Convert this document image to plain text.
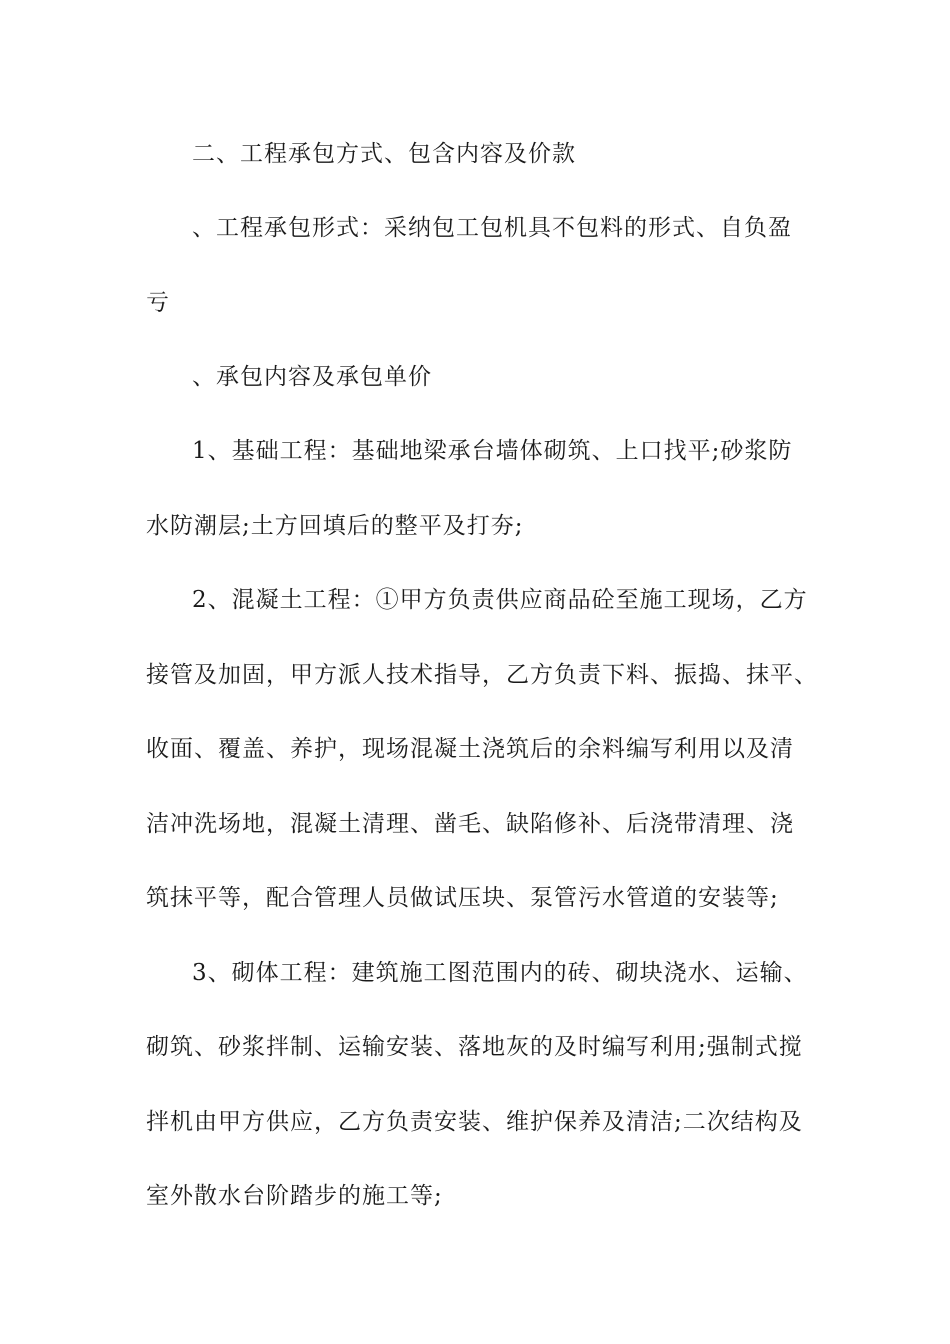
二、工程承包方式、包含内容及价款
、工程承包形式：采纳包工包机具不包料的形式、自负盈
亏
、承包内容及承包单价
1、基础工程：基础地梁承台墙体砌筑、上口找平;砂浆防
水防潮层;土方回填后的整平及打夯;
2、混凝土工程：①甲方负责供应商品砼至施工现场，乙方
接管及加固，甲方派人技术指导，乙方负责下料、振捣、抹平、
收面、覆盖、养护，现场混凝土浇筑后的余料编写利用以及清
洁冲洗场地，混凝土清理、凿毛、缺陷修补、后浇带清理、浇
筑抹平等，配合管理人员做试压块、泵管污水管道的安装等;
3、砌体工程：建筑施工图范围内的砖、砌块浇水、运输、
砌筑、砂浆拌制、运输安装、落地灰的及时编写利用;强制式搅
拌机由甲方供应，乙方负责安装、维护保养及清洁;二次结构及
室外散水台阶踏步的施工等;
